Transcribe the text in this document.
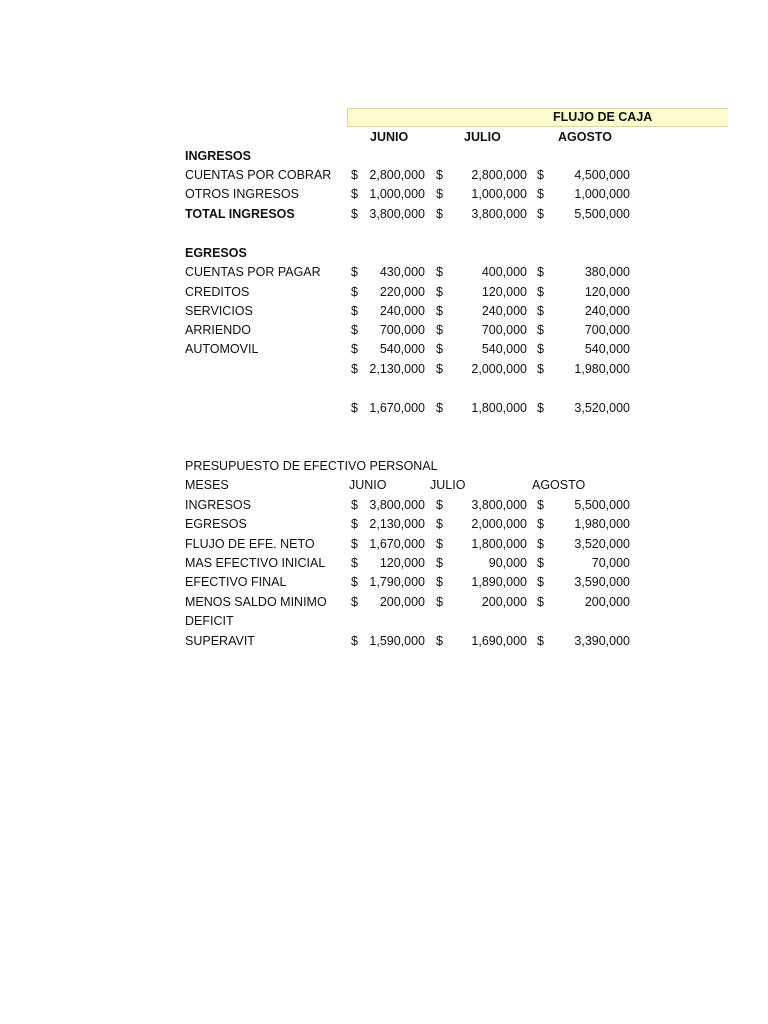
FLUJO DE CAJA
JUNIO	JULIO	AGOSTO
INGRESOS
CUENTAS POR COBRAR $ 2,800,000 $ 2,800,000 $ 4,500,000
OTROS INGRESOS	$ 1,000,000 $ 1,000,000 $ 1,000,000
TOTAL INGRESOS	$ 3,800,000 $ 3,800,000 $ 5,500,000
EGRESOS
CUENTAS POR PAGAR $ 430,000 $	400,000 $	380,000
CREDITOS	$ 220,000 $	120,000 $	120,000
SERVICIOS	$ 240,000 $	240,000 $	240,000
ARRIENDO	$ 700,000 $	700,000 $	700,000
AUTOMOVIL	$ 540,000 $	540,000 $	540,000
$ 2,130,000 $ 2,000,000 $ 1,980,000
$ 1,670,000 $ 1,800,000 $ 3,520,000
PRESUPUESTO DE EFECTIVO PERSONAL
MESES	JUNIO	JULIO	AGOSTO
INGRESOS	$ 3,800,000 $ 3,800,000 $ 5,500,000
EGRESOS	$ 2,130,000 $ 2,000,000 $ 1,980,000
FLUJO DE EFE. NETO	$ 1,670,000 $ 1,800,000 $ 3,520,000
MAS EFECTIVO INICIAL $ 120,000 $	90,000 $	70,000
EFECTIVO FINAL	$ 1,790,000 $ 1,890,000 $ 3,590,000
MENOS SALDO MINIMO $ 200,000 $	200,000 $	200,000
DEFICIT
SUPERAVIT	$ 1,590,000 $ 1,690,000 $ 3,390,000
